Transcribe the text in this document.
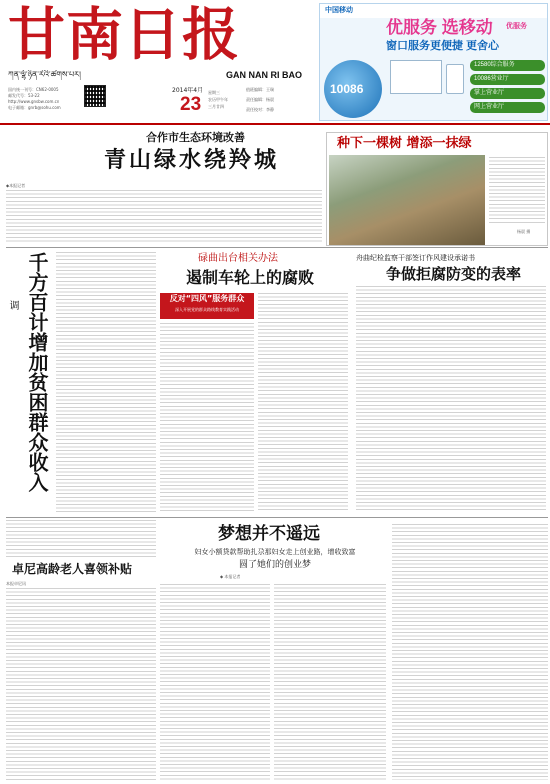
甘南日报
ཀན་ལྷོ་ཉིན་རེའི་ཚགས་པར།	GAN NAN RI BAO
国内统一刊号：CN62-0005
邮发代号：53-22
http://www.gnsbw.com.cn
电子邮箱：gnrb@sohu.com
2014年4月
23
星期三
农历甲午年
三月廿四
值班编辑：王瑞
责任编辑：杨晨
责任校对：李静
中国移动
优服务 选移动
窗口服务更便捷 更舍心
优服务
10086
12580综合服务
10086营业厅
掌上营业厅
网上营业厅
合作市生态环境改善
青山绿水绕羚城
◆本报记者
种下一棵树 增添一抹绿
杨晨 摄
调 千方百计增加贫困群众收入	碌曲出台相关办法
遏制车轮上的腐败
反对“四风”服务群众
深入开展党的群众路线教育实践活动
舟曲纪检监察干部签订作风建设承诺书
争做拒腐防变的表率
梦想并不遥远
妇女小额贷款帮助扎尕那妇女走上创业路，增收致富
圆了她们的创业梦
◆ 本报记者
卓尼高龄老人喜领补贴
本报卓尼讯
